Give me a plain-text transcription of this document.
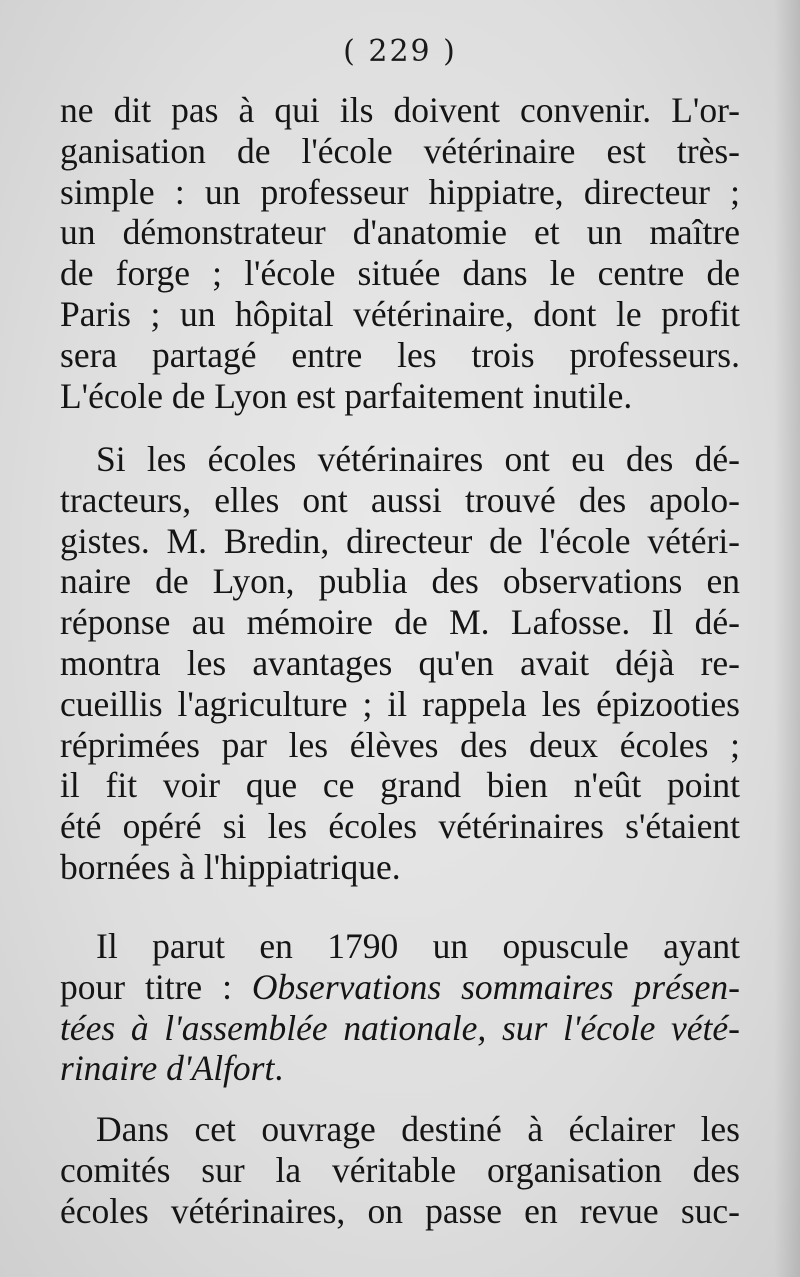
( 229 )
ne dit pas à qui ils doivent convenir. L'or-
ganisation de l'école vétérinaire est très-
simple : un professeur hippiatre, directeur ;
un démonstrateur d'anatomie et un maître
de forge ; l'école située dans le centre de
Paris ; un hôpital vétérinaire, dont le profit
sera partagé entre les trois professeurs.
L'école de Lyon est parfaitement inutile.
Si les écoles vétérinaires ont eu des dé-
tracteurs, elles ont aussi trouvé des apolo-
gistes. M. Bredin, directeur de l'école vétéri-
naire de Lyon, publia des observations en
réponse au mémoire de M. Lafosse. Il dé-
montra les avantages qu'en avait déjà re-
cueillis l'agriculture ; il rappela les épizooties
réprimées par les élèves des deux écoles ;
il fit voir que ce grand bien n'eût point
été opéré si les écoles vétérinaires s'étaient
bornées à l'hippiatrique.
Il parut en 1790 un opuscule ayant
pour titre : Observations sommaires présen-
tées à l'assemblée nationale, sur l'école vété-
rinaire d'Alfort.
Dans cet ouvrage destiné à éclairer les
comités sur la véritable organisation des
écoles vétérinaires, on passe en revue suc-
